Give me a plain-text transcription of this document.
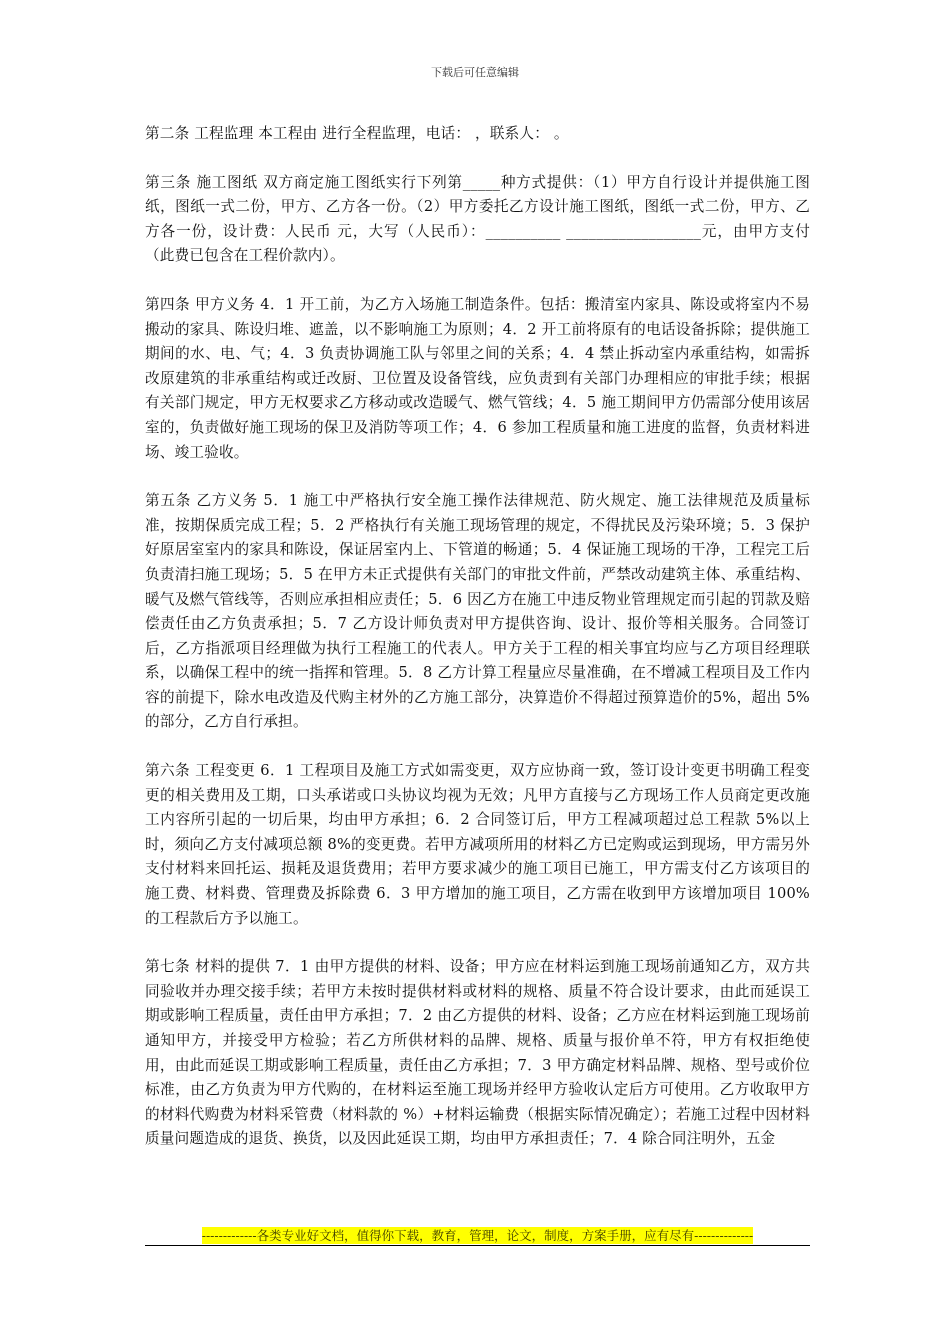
下载后可任意编辑

第二条 工程监理 本工程由 进行全程监理，电话： ，联系人： 。

第三条 施工图纸 双方商定施工图纸实行下列第_____种方式提供：（1）甲方自行设计并提供施工图纸，图纸一式二份，甲方、乙方各一份。（2）甲方委托乙方设计施工图纸，图纸一式二份，甲方、乙方各一份，设计费：人民币 元，大写（人民币）：__________ __________________元，由甲方支付（此费已包含在工程价款内）。

第四条 甲方义务 4．1 开工前，为乙方入场施工制造条件。包括：搬清室内家具、陈设或将室内不易搬动的家具、陈设归堆、遮盖，以不影响施工为原则；4．2 开工前将原有的电话设备拆除；提供施工期间的水、电、气；4．3 负责协调施工队与邻里之间的关系；4．4 禁止拆动室内承重结构，如需拆改原建筑的非承重结构或迁改厨、卫位置及设备管线，应负责到有关部门办理相应的审批手续；根据有关部门规定，甲方无权要求乙方移动或改造暖气、燃气管线；4．5 施工期间甲方仍需部分使用该居室的，负责做好施工现场的保卫及消防等项工作；4．6 参加工程质量和施工进度的监督，负责材料进场、竣工验收。

第五条 乙方义务 5．1 施工中严格执行安全施工操作法律规范、防火规定、施工法律规范及质量标准，按期保质完成工程；5．2 严格执行有关施工现场管理的规定，不得扰民及污染环境；5．3 保护好原居室室内的家具和陈设，保证居室内上、下管道的畅通；5．4 保证施工现场的干净，工程完工后负责清扫施工现场；5．5 在甲方未正式提供有关部门的审批文件前，严禁改动建筑主体、承重结构、暖气及燃气管线等，否则应承担相应责任；5．6 因乙方在施工中违反物业管理规定而引起的罚款及赔偿责任由乙方负责承担；5．7 乙方设计师负责对甲方提供咨询、设计、报价等相关服务。合同签订后，乙方指派项目经理做为执行工程施工的代表人。甲方关于工程的相关事宜均应与乙方项目经理联系，以确保工程中的统一指挥和管理。5．8 乙方计算工程量应尽量准确，在不增减工程项目及工作内容的前提下，除水电改造及代购主材外的乙方施工部分，决算造价不得超过预算造价的5%，超出 5%的部分，乙方自行承担。

第六条 工程变更 6．1 工程项目及施工方式如需变更，双方应协商一致，签订设计变更书明确工程变更的相关费用及工期，口头承诺或口头协议均视为无效；凡甲方直接与乙方现场工作人员商定更改施工内容所引起的一切后果，均由甲方承担；6．2 合同签订后，甲方工程减项超过总工程款 5%以上时，须向乙方支付减项总额 8%的变更费。若甲方减项所用的材料乙方已定购或运到现场，甲方需另外支付材料来回托运、损耗及退货费用；若甲方要求减少的施工项目已施工，甲方需支付乙方该项目的施工费、材料费、管理费及拆除费 6．3 甲方增加的施工项目，乙方需在收到甲方该增加项目 100%的工程款后方予以施工。

第七条 材料的提供 7．1 由甲方提供的材料、设备；甲方应在材料运到施工现场前通知乙方，双方共同验收并办理交接手续；若甲方未按时提供材料或材料的规格、质量不符合设计要求，由此而延误工期或影响工程质量，责任由甲方承担；7．2 由乙方提供的材料、设备；乙方应在材料运到施工现场前通知甲方，并接受甲方检验；若乙方所供材料的品牌、规格、质量与报价单不符，甲方有权拒绝使用，由此而延误工期或影响工程质量，责任由乙方承担；7．3 甲方确定材料品牌、规格、型号或价位标准，由乙方负责为甲方代购的，在材料运至施工现场并经甲方验收认定后方可使用。乙方收取甲方的材料代购费为材料采管费（材料款的 %）+材料运输费（根据实际情况确定）；若施工过程中因材料质量问题造成的退货、换货，以及因此延误工期，均由甲方承担责任；7．4 除合同注明外，五金

-------------各类专业好文档，值得你下载，教育，管理，论文，制度，方案手册，应有尽有--------------
